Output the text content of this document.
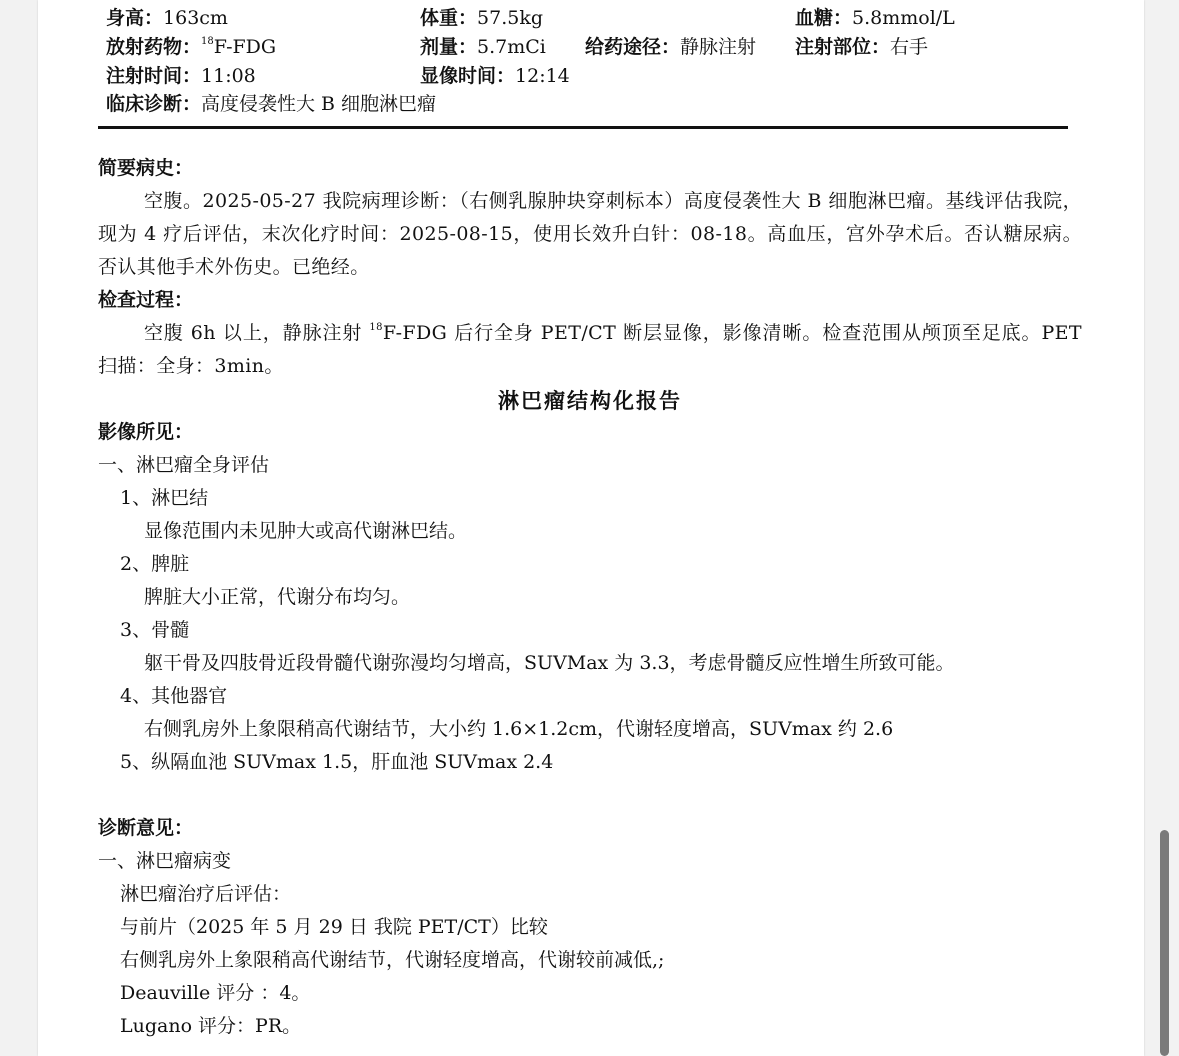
身高：163cm	体重：57.5kg	血糖：5.8mmol/L
放射药物：$^{18}$F-FDG	剂量：5.7mCi 给药途径：静脉注射 注射部位：右手
注射时间：11:08	显像时间：12:14
临床诊断：高度侵袭性大 B 细胞淋巴瘤
简要病史：
空腹。2025-05-27 我院病理诊断：（右侧乳腺肿块穿刺标本）高度侵袭性大 B 细胞淋巴瘤。基线评估我院，现为 4 疗后评估，末次化疗时间：2025-08-15，使用长效升白针：08-18。高血压，宫外孕术后。否认糖尿病。否认其他手术外伤史。已绝经。
检查过程：
空腹 6h 以上，静脉注射 $^{18}$F-FDG 后行全身 PET/CT 断层显像，影像清晰。检查范围从颅顶至足底。PET 扫描：全身：3min。
淋巴瘤结构化报告
影像所见：
一、淋巴瘤全身评估
1、淋巴结
显像范围内未见肿大或高代谢淋巴结。
2、脾脏
脾脏大小正常，代谢分布均匀。
3、骨髓
躯干骨及四肢骨近段骨髓代谢弥漫均匀增高，SUVMax 为 3.3，考虑骨髓反应性增生所致可能。
4、其他器官
右侧乳房外上象限稍高代谢结节，大小约 1.6×1.2cm，代谢轻度增高，SUVmax 约 2.6
5、纵隔血池 SUVmax 1.5，肝血池 SUVmax 2.4
诊断意见：
一、淋巴瘤病变
淋巴瘤治疗后评估：
与前片（2025 年 5 月 29 日 我院 PET/CT）比较
右侧乳房外上象限稍高代谢结节，代谢轻度增高，代谢较前减低,;
Deauville 评分 ：4。
Lugano 评分：PR。
